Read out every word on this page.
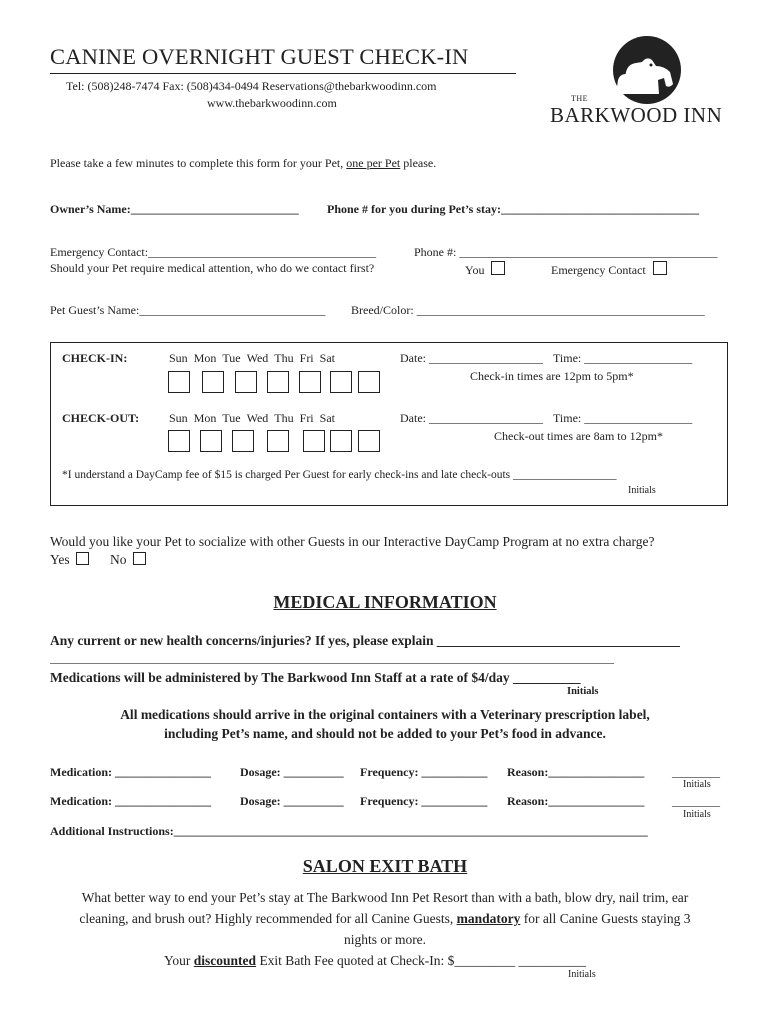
CANINE OVERNIGHT GUEST CHECK-IN
Tel: (508)248-7474 Fax: (508)434-0494 Reservations@thebarkwoodinn.com
www.thebarkwoodinn.com	THE
BARKWOOD INN
Please take a few minutes to complete this form for your Pet, one per Pet please.
Owner’s Name:____________________________ Phone # for you during Pet’s stay:_________________________________
Emergency Contact:______________________________________	Phone #: ___________________________________________
Should your Pet require medical attention, who do we contact first?	You	Emergency Contact
Pet Guest’s Name:_______________________________ Breed/Color: ________________________________________________
CHECK-IN:	Sun Mon Tue Wed Thu Fri Sat	Date: ___________________ Time: __________________
Check-in times are 12pm to 5pm*
CHECK-OUT: Sun Mon Tue Wed Thu Fri Sat	Date: ___________________ Time: __________________
Check-out times are 8am to 12pm*
*I understand a DayCamp fee of $15 is charged Per Guest for early check-ins and late check-outs __________________
Initials
Would you like your Pet to socialize with other Guests in our Interactive DayCamp Program at no extra charge?
Yes	No
MEDICAL INFORMATION
Any current or new health concerns/injuries? If yes, please explain ____________________________________
______________________________________________________________________________________________
Medications will be administered by The Barkwood Inn Staff at a rate of $4/day __________
Initials
All medications should arrive in the original containers with a Veterinary prescription label,
including Pet’s name, and should not be added to your Pet’s food in advance.
Medication: ________________ Dosage: __________ Frequency: ___________ Reason:________________ ________
Initials
Medication: ________________ Dosage: __________ Frequency: ___________ Reason:________________ ________
Initials
Additional Instructions:_______________________________________________________________________________
SALON EXIT BATH
What better way to end your Pet’s stay at The Barkwood Inn Pet Resort than with a bath, blow dry, nail trim, ear
cleaning, and brush out? Highly recommended for all Canine Guests, mandatory for all Canine Guests staying 3
nights or more.
Your discounted Exit Bath Fee quoted at Check-In: $_________ __________
Initials
